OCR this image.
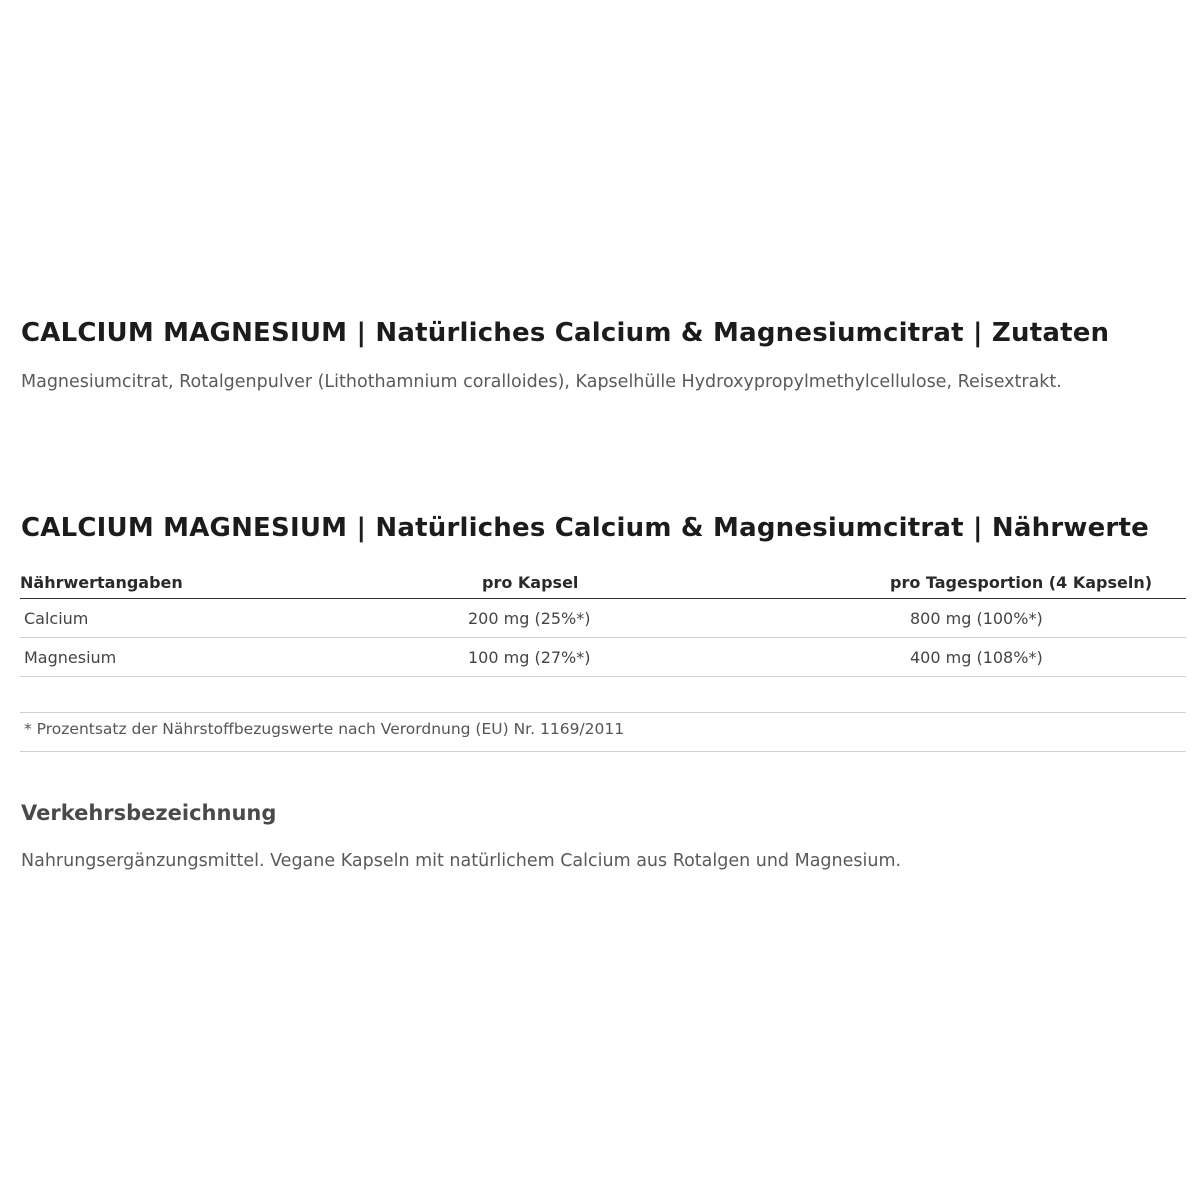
CALCIUM MAGNESIUM | Natürliches Calcium & Magnesiumcitrat | Zutaten

Magnesiumcitrat, Rotalgenpulver (Lithothamnium coralloides), Kapselhülle Hydroxypropylmethylcellulose, Reisextrakt.

CALCIUM MAGNESIUM | Natürliches Calcium & Magnesiumcitrat | Nährwerte
Nährwertangaben	pro Kapsel	pro Tagesportion (4 Kapseln)
Calcium	200 mg (25%*)	800 mg (100%*)
Magnesium	100 mg (27%*)	400 mg (108%*)

* Prozentsatz der Nährstoffbezugswerte nach Verordnung (EU) Nr. 1169/2011

Verkehrsbezeichnung

Nahrungsergänzungsmittel. Vegane Kapseln mit natürlichem Calcium aus Rotalgen und Magnesium.
